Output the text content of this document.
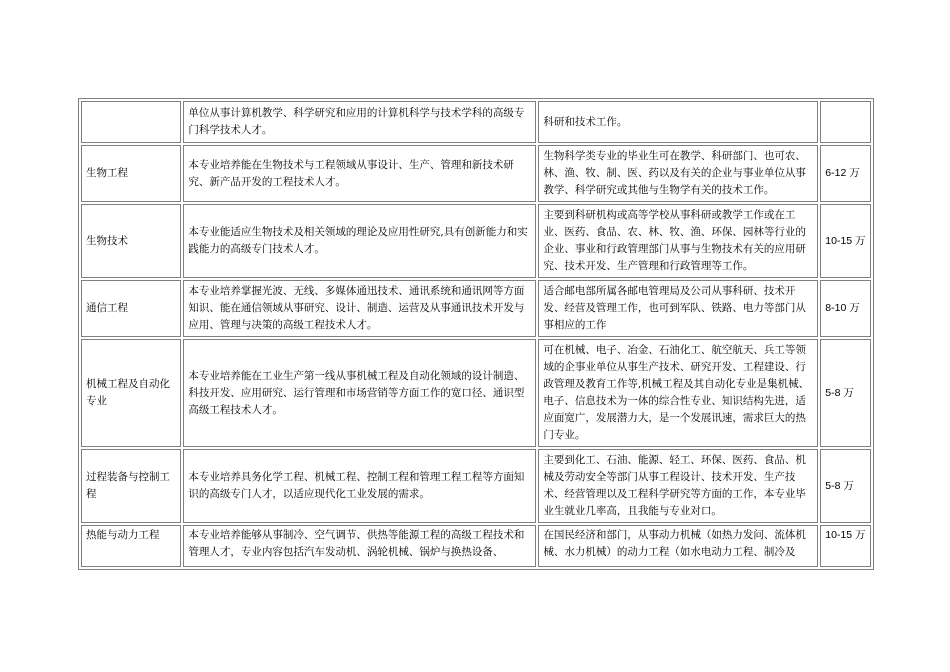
	单位从事计算机教学、科学研究和应用的计算机科学与技术学科的高级专门科学技术人才。	科研和技术工作。	
生物工程	本专业培养能在生物技术与工程领域从事设计、生产、管理和新技术研究、新产品开发的工程技术人才。	生物科学类专业的毕业生可在教学、科研部门、也可农、林、渔、牧、制、医、药以及有关的企业与事业单位从事教学、科学研究或其他与生物学有关的技术工作。	6-12 万
生物技术	本专业能适应生物技术及相关领域的理论及应用性研究,具有创新能力和实践能力的高级专门技术人才。	主要到科研机构或高等学校从事科研或教学工作或在工业、医药、食品、农、林、牧、渔、环保、园林等行业的企业、事业和行政管理部门从事与生物技术有关的应用研究、技术开发、生产管理和行政管理等工作。	10-15 万
通信工程	本专业培养掌握光波、无线、多媒体通迅技术、通讯系统和通讯网等方面知识、能在通信领域从事研究、设计、制造、运营及从事通讯技术开发与应用、管理与决策的高级工程技术人才。	适合邮电部所属各邮电管理局及公司从事科研、技术开发、经营及管理工作，也可到军队、铁路、电力等部门从事相应的工作	8-10 万
机械工程及自动化专业	本专业培养能在工业生产第一线从事机械工程及自动化领域的设计制造、科技开发、应用研究、运行管理和市场营销等方面工作的宽口径、通识型高级工程技术人才。	可在机械、电子、冶金、石油化工、航空航天、兵工等领域的企事业单位从事生产技术、研究开发、工程建设、行政管理及教育工作等,机械工程及其自动化专业是集机械、电子、信息技术为一体的综合性专业、知识结构先进，适应面宽广，发展潜力大，是一个发展讯速，需求巨大的热门专业。	5-8 万
过程装备与控制工程	本专业培养具务化学工程、机械工程、控制工程和管理工程工程等方面知识的高级专门人才，以适应现代化工业发展的需求。	主要到化工、石油、能源、轻工、环保、医药、食品、机械及劳动安全等部门从事工程设计、技术开发、生产技术、经营管理以及工程科学研究等方面的工作，本专业毕业生就业几率高，且我能与专业对口。	5-8 万
热能与动力工程	本专业培养能够从事制冷、空气调节、供热等能源工程的高级工程技术和管理人才，专业内容包括汽车发动机、涡轮机械、锅炉与换热设备、	在国民经济和部门，从事动力机械（如热力发问、流体机械、水力机械）的动力工程（如水电动力工程、制冷及	10-15 万
